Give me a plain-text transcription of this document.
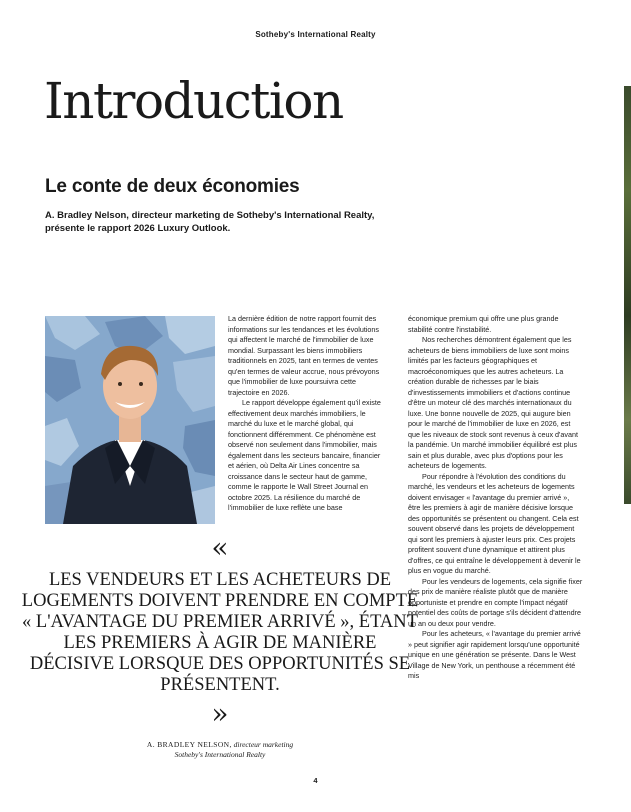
Sotheby's International Realty
Introduction
Le conte de deux économies

A. Bradley Nelson, directeur marketing de Sotheby's International Realty, présente le rapport 2026 Luxury Outlook.

La dernière édition de notre rapport fournit des informations sur les tendances et les évolutions qui affectent le marché de l'immobilier de luxe mondial. Surpassant les biens immobiliers traditionnels en 2025, tant en termes de ventes qu'en termes de valeur accrue, nous prévoyons que l'immobilier de luxe poursuivra cette trajectoire en 2026.

Le rapport développe également qu'il existe effectivement deux marchés immobiliers, le marché du luxe et le marché global, qui fonctionnent différemment. Ce phénomène est observé non seulement dans l'immobilier, mais également dans les secteurs bancaire, financier et aérien, où Delta Air Lines concentre sa croissance dans le secteur haut de gamme, comme le rapporte le Wall Street Journal en octobre 2025. La résilience du marché de l'immobilier de luxe reflète une base

économique premium qui offre une plus grande stabilité contre l'instabilité.

Nos recherches démontrent également que les acheteurs de biens immobiliers de luxe sont moins limités par les facteurs géographiques et macroéconomiques que les autres acheteurs. La création durable de richesses par le biais d'investissements immobiliers et d'actions continue d'être un moteur clé des marchés internationaux du luxe. Une bonne nouvelle de 2025, qui augure bien pour le marché de l'immobilier de luxe en 2026, est que les niveaux de stock sont revenus à ceux d'avant la pandémie. Un marché immobilier équilibré est plus sain et plus durable, avec plus d'options pour les acheteurs de logements.

Pour répondre à l'évolution des conditions du marché, les vendeurs et les acheteurs de logements doivent envisager « l'avantage du premier arrivé », être les premiers à agir de manière décisive lorsque des opportunités se présentent ou changent. Cela est souvent observé dans les projets de développement qui sont les premiers à ajuster leurs prix. Ces projets profitent souvent d'une dynamique et attirent plus d'offres, ce qui entraîne le développement à devenir le plus en vogue du marché.

Pour les vendeurs de logements, cela signifie fixer des prix de manière réaliste plutôt que de manière opportuniste et prendre en compte l'impact négatif potentiel des coûts de portage s'ils décident d'attendre un an ou deux pour vendre.

Pour les acheteurs, « l'avantage du premier arrivé » peut signifier agir rapidement lorsqu'une opportunité unique en une génération se présente. Dans le West Village de New York, un penthouse a récemment été mis

«

LES VENDEURS ET LES ACHETEURS DE LOGEMENTS DOIVENT PRENDRE EN COMPTE « L'AVANTAGE DU PREMIER ARRIVÉ », ÉTANT LES PREMIERS À AGIR DE MANIÈRE DÉCISIVE LORSQUE DES OPPORTUNITÉS SE PRÉSENTENT.

»
A. BRADLEY NELSON, directeur marketing
Sotheby's International Realty
4
